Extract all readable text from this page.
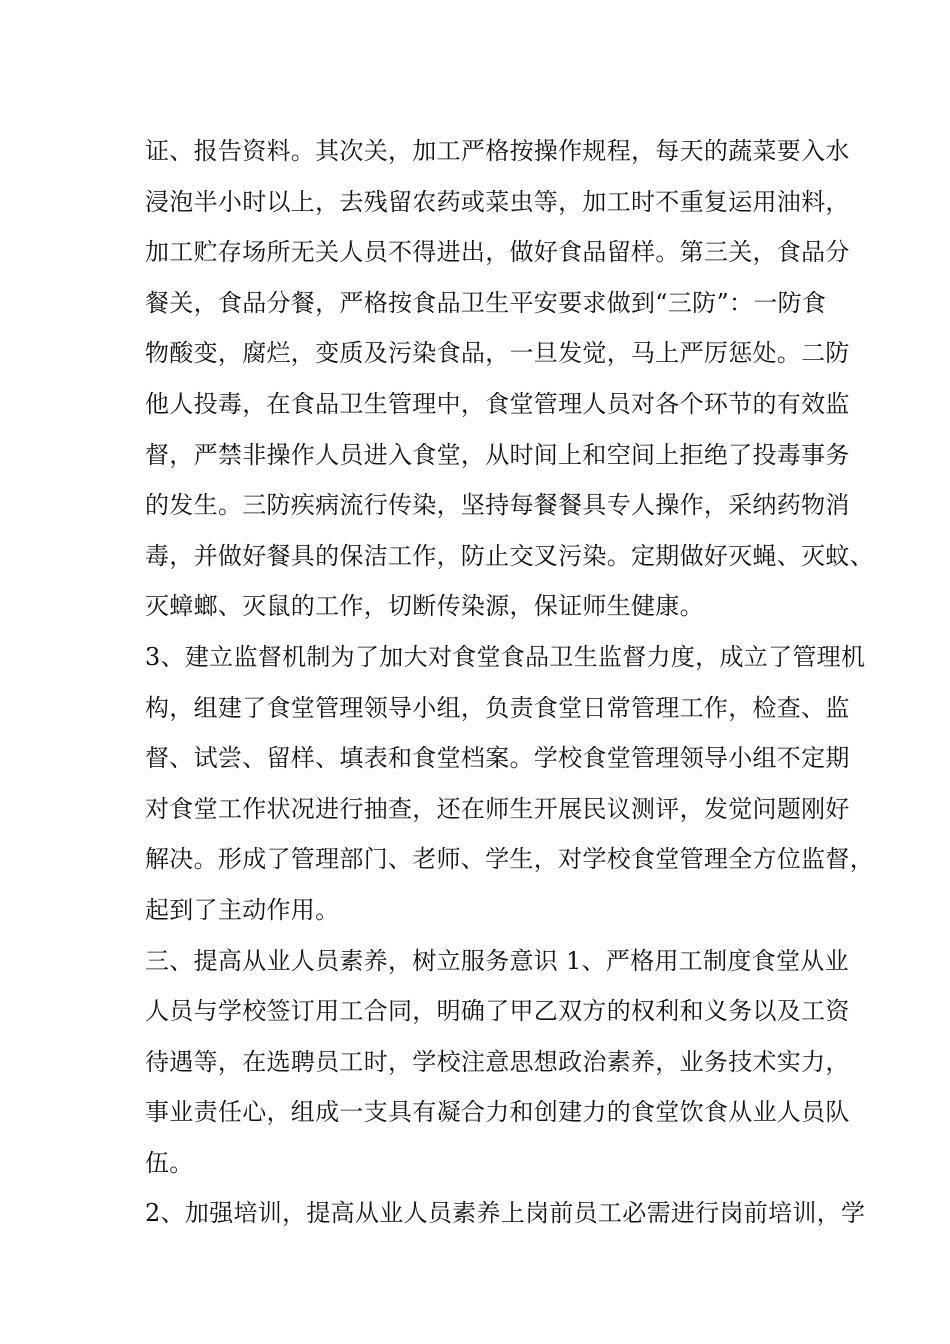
证、报告资料。其次关，加工严格按操作规程，每天的蔬菜要入水
浸泡半小时以上，去残留农药或菜虫等，加工时不重复运用油料，
加工贮存场所无关人员不得进出，做好食品留样。第三关，食品分
餐关，食品分餐，严格按食品卫生平安要求做到“三防”：一防食
物酸变，腐烂，变质及污染食品，一旦发觉，马上严厉惩处。二防
他人投毒，在食品卫生管理中，食堂管理人员对各个环节的有效监
督，严禁非操作人员进入食堂，从时间上和空间上拒绝了投毒事务
的发生。三防疾病流行传染，坚持每餐餐具专人操作，采纳药物消
毒，并做好餐具的保洁工作，防止交叉污染。定期做好灭蝇、灭蚊、
灭蟑螂、灭鼠的工作，切断传染源，保证师生健康。
3、建立监督机制为了加大对食堂食品卫生监督力度，成立了管理机
构，组建了食堂管理领导小组，负责食堂日常管理工作，检查、监
督、试尝、留样、填表和食堂档案。学校食堂管理领导小组不定期
对食堂工作状况进行抽查，还在师生开展民议测评，发觉问题刚好
解决。形成了管理部门、老师、学生，对学校食堂管理全方位监督，
起到了主动作用。
三、提高从业人员素养，树立服务意识 1、严格用工制度食堂从业
人员与学校签订用工合同，明确了甲乙双方的权利和义务以及工资
待遇等，在选聘员工时，学校注意思想政治素养，业务技术实力，
事业责任心，组成一支具有凝合力和创建力的食堂饮食从业人员队
伍。
2、加强培训，提高从业人员素养上岗前员工必需进行岗前培训，学
